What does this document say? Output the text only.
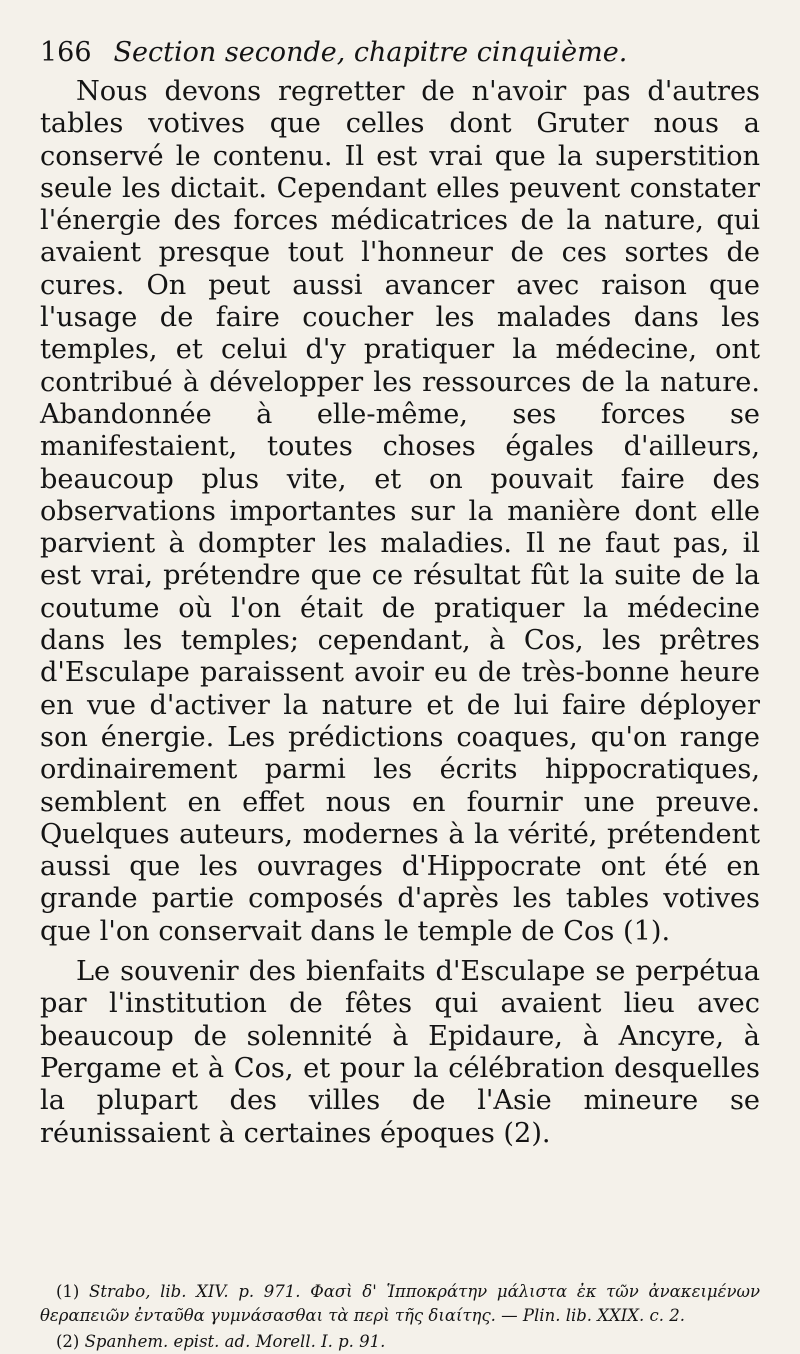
166 Section seconde, chapitre cinquième.

Nous devons regretter de n'avoir pas d'autres tables votives que celles dont Gruter nous a conservé le contenu. Il est vrai que la superstition seule les dictait. Cependant elles peuvent constater l'énergie des forces médicatrices de la nature, qui avaient presque tout l'honneur de ces sortes de cures. On peut aussi avancer avec raison que l'usage de faire coucher les malades dans les temples, et celui d'y pratiquer la médecine, ont contribué à développer les ressources de la nature. Abandonnée à elle-même, ses forces se manifestaient, toutes choses égales d'ailleurs, beaucoup plus vite, et on pouvait faire des observations importantes sur la manière dont elle parvient à dompter les maladies. Il ne faut pas, il est vrai, prétendre que ce résultat fût la suite de la coutume où l'on était de pratiquer la médecine dans les temples; cependant, à Cos, les prêtres d'Esculape paraissent avoir eu de très-bonne heure en vue d'activer la nature et de lui faire déployer son énergie. Les prédictions coaques, qu'on range ordinairement parmi les écrits hippocratiques, semblent en effet nous en fournir une preuve. Quelques auteurs, modernes à la vérité, prétendent aussi que les ouvrages d'Hippocrate ont été en grande partie composés d'après les tables votives que l'on conservait dans le temple de Cos (1).

Le souvenir des bienfaits d'Esculape se perpétua par l'institution de fêtes qui avaient lieu avec beaucoup de solennité à Epidaure, à Ancyre, à Pergame et à Cos, et pour la célébration desquelles la plupart des villes de l'Asie mineure se réunissaient à certaines époques (2).

(1) Strabo, lib. XIV. p. 971. Φασὶ δ' Ἱπποκράτην μάλιστα ἐκ τῶν ἀνακειμένων θεραπειῶν ἐνταῦθα γυμνάσασθαι τὰ περὶ τῆς διαίτης. — Plin. lib. XXIX. c. 2.

(2) Spanhem. epist. ad. Morell. I. p. 91.
